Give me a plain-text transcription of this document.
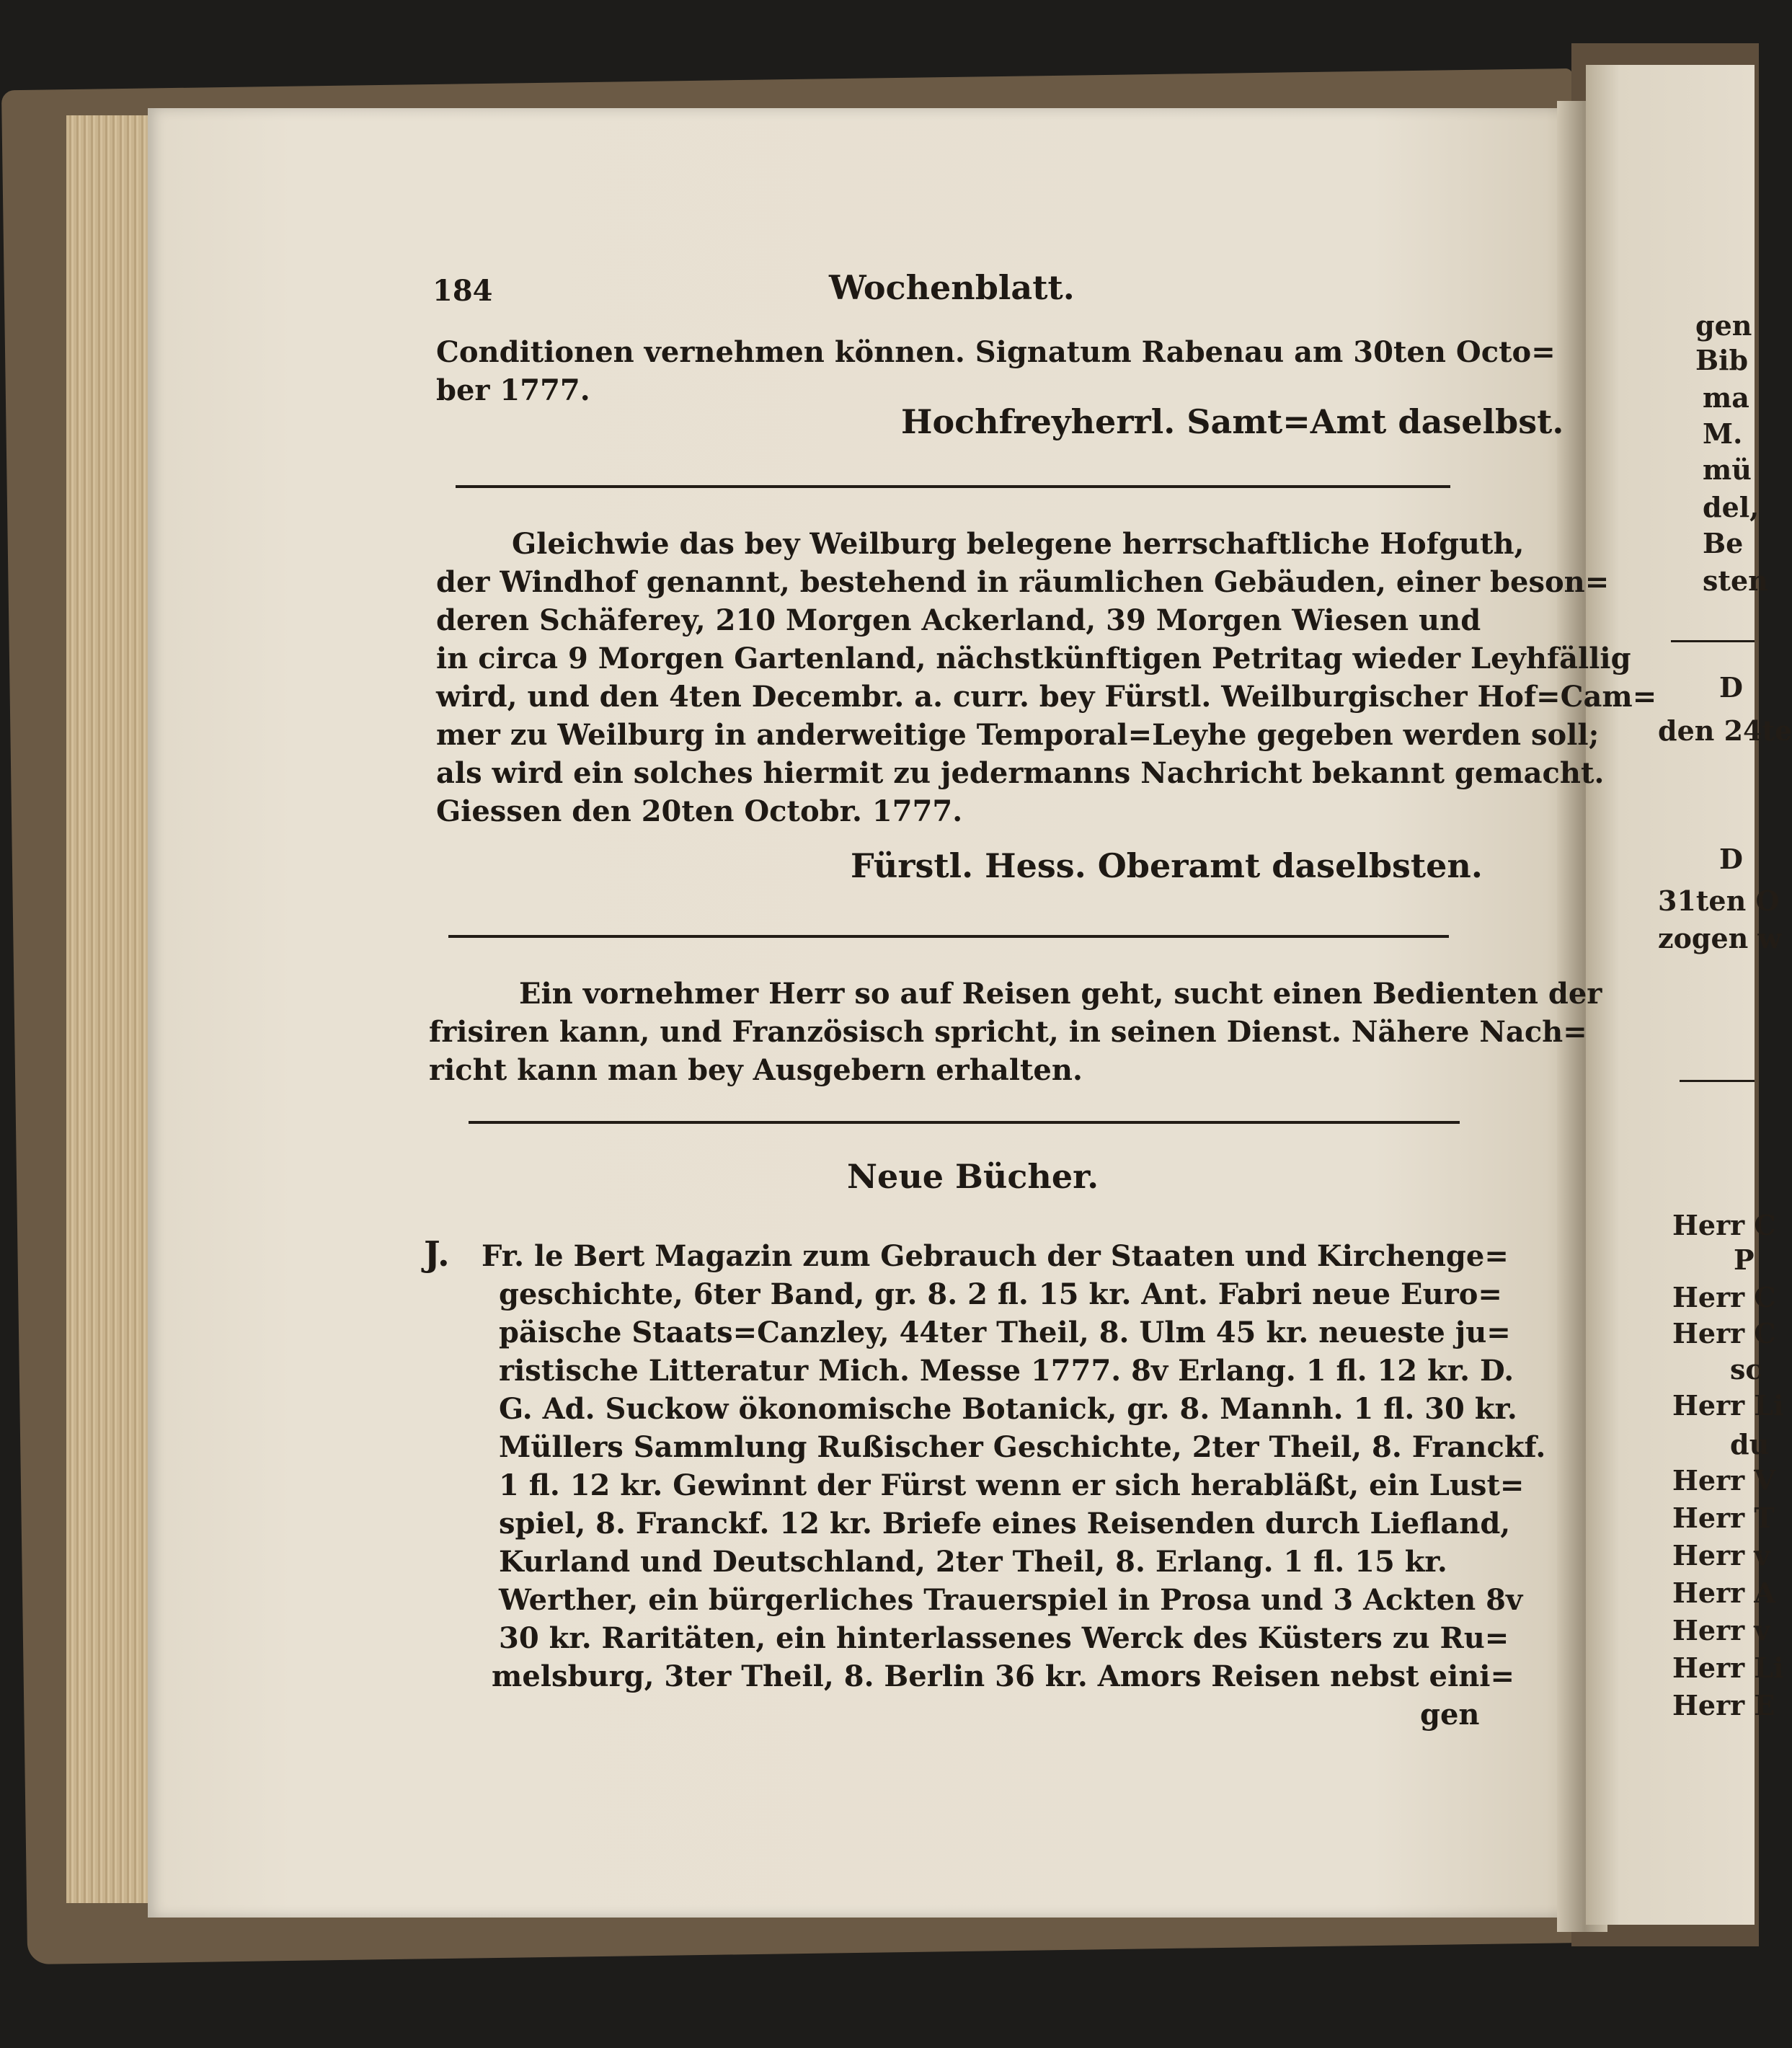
184	Wochenblatt.
Conditionen vernehmen können. Signatum Rabenau am 30ten Octo=
ber 1777.
Hochfreyherrl. Samt=Amt daselbst.
Gleichwie das bey Weilburg belegene herrschaftliche Hofguth,
der Windhof genannt, bestehend in räumlichen Gebäuden, einer beson=
deren Schäferey, 210 Morgen Ackerland, 39 Morgen Wiesen und
in circa 9 Morgen Gartenland, nächstkünftigen Petritag wieder Leyhfällig
wird, und den 4ten Decembr. a. curr. bey Fürstl. Weilburgischer Hof=Cam=
mer zu Weilburg in anderweitige Temporal=Leyhe gegeben werden soll;
als wird ein solches hiermit zu jedermanns Nachricht bekannt gemacht.
Giessen den 20ten Octobr. 1777.
Fürstl. Hess. Oberamt daselbsten.
Ein vornehmer Herr so auf Reisen geht, sucht einen Bedienten der
frisiren kann, und Französisch spricht, in seinen Dienst. Nähere Nach=
richt kann man bey Ausgebern erhalten.
Neue Bücher.
J. Fr. le Bert Magazin zum Gebrauch der Staaten und Kirchenge=
geschichte, 6ter Band, gr. 8. 2 fl. 15 kr. Ant. Fabri neue Euro=
päische Staats=Canzley, 44ter Theil, 8. Ulm 45 kr. neueste ju=
ristische Litteratur Mich. Messe 1777. 8v Erlang. 1 fl. 12 kr. D.
G. Ad. Suckow ökonomische Botanick, gr. 8. Mannh. 1 fl. 30 kr.
Müllers Sammlung Rußischer Geschichte, 2ter Theil, 8. Franckf.
1 fl. 12 kr. Gewinnt der Fürst wenn er sich herabläßt, ein Lust=
spiel, 8. Franckf. 12 kr. Briefe eines Reisenden durch Liefland,
Kurland und Deutschland, 2ter Theil, 8. Erlang. 1 fl. 15 kr.
Werther, ein bürgerliches Trauerspiel in Prosa und 3 Ackten 8v
30 kr. Raritäten, ein hinterlassenes Werck des Küsters zu Ru=
melsburg, 3ter Theil, 8. Berlin 36 kr. Amors Reisen nebst eini=
gen
gen
Bib
ma
M.
mü
del,
Be
sten
D
den 24te
D
31ten O
zogen w
Herr C
P
Herr C
Herr C
sc
Herr Li
du
Herr V
Herr T
Herr v
Herr A
Herr v
Herr Li
Herr E
